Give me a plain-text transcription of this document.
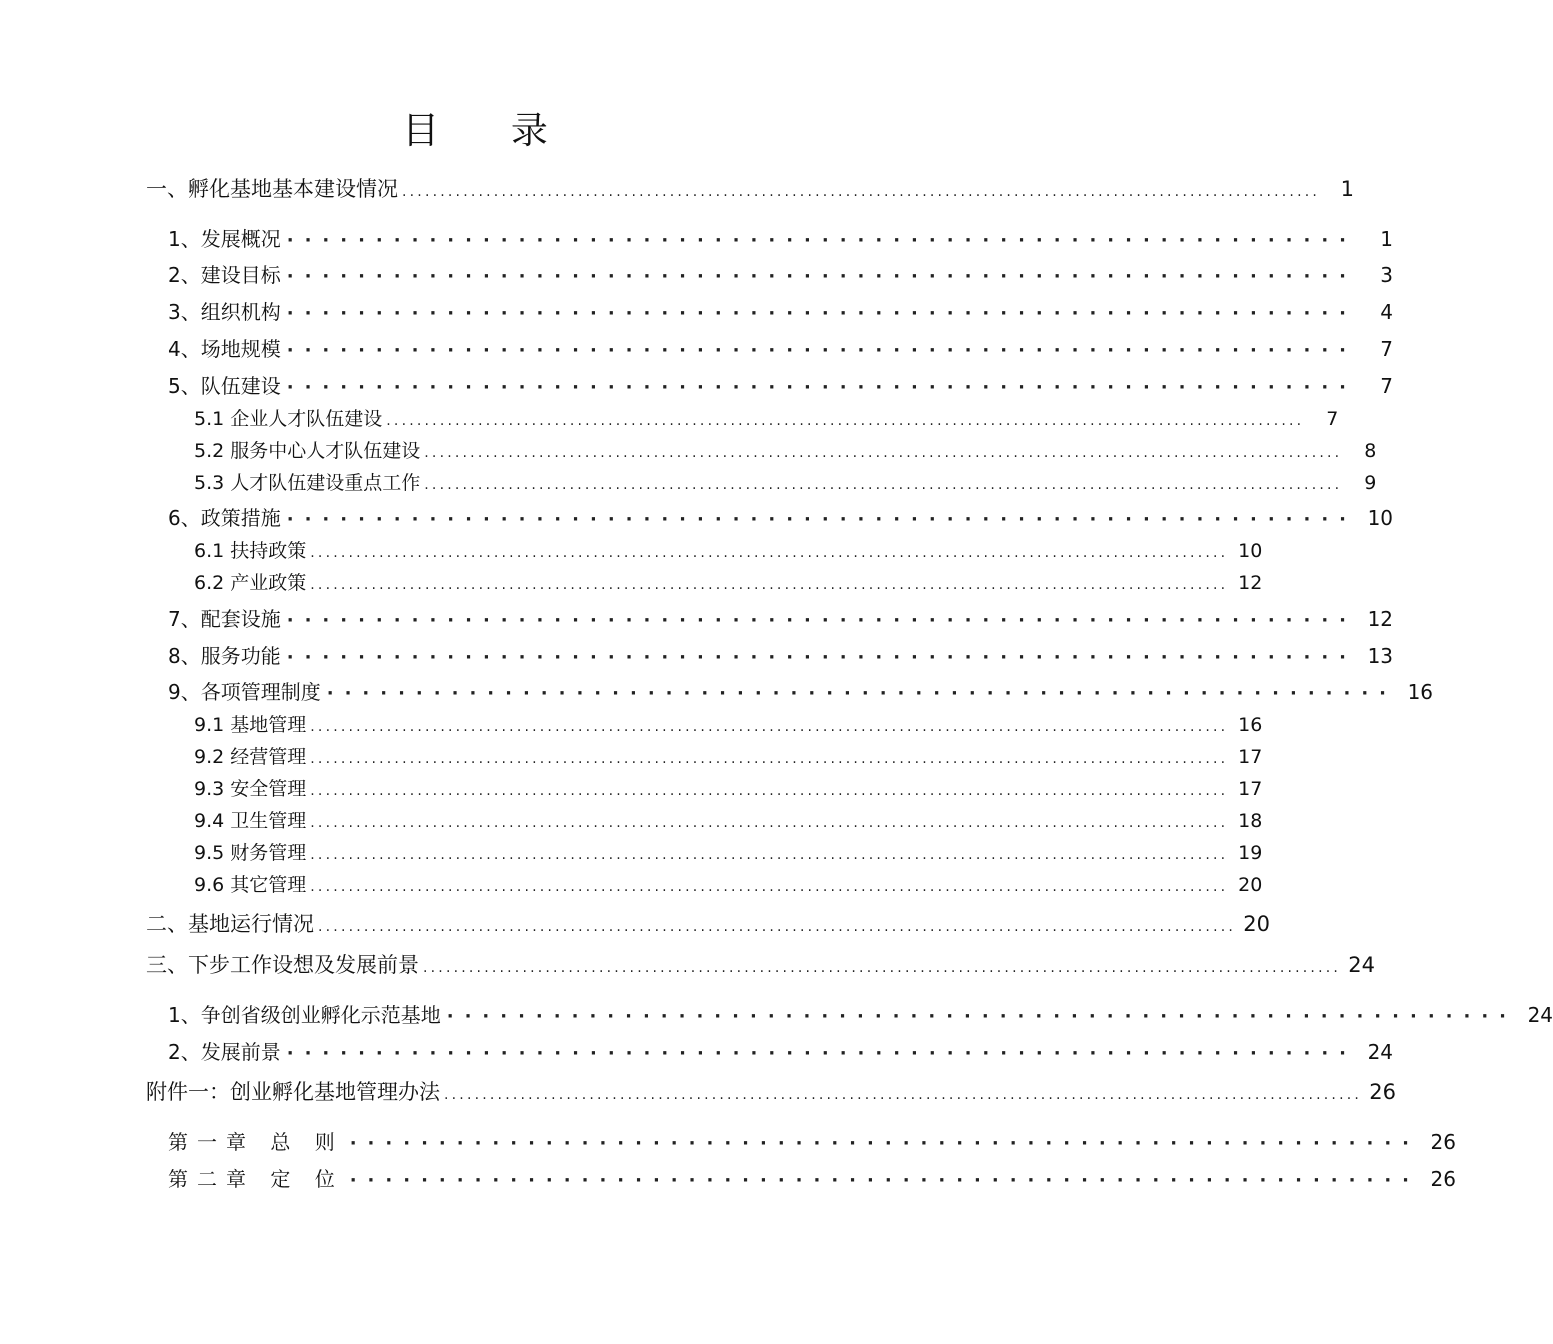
目 录
一、孵化基地基本建设情况 ........................................................................................................................ 1
1、发展概况 ····························································	1
2、建设目标 ····························································	3
3、组织机构 ····························································	4
4、场地规模 ····························································	7
5、队伍建设 ····························································	7
5.1 企业人才队伍建设 ........................................................................................................................	7
5.2 服务中心人才队伍建设 ........................................................................................................................	8
5.3 人才队伍建设重点工作 ........................................................................................................................	9
6、政策措施 ···························································· 10
6.1 扶持政策 ........................................................................................................................ 10
6.2 产业政策 ........................................................................................................................ 12
7、配套设施 ···························································· 12
8、服务功能 ···························································· 13
9、各项管理制度 ···························································· 16
9.1 基地管理 ........................................................................................................................ 16
9.2 经营管理 ........................................................................................................................ 17
9.3 安全管理 ........................................................................................................................ 17
9.4 卫生管理 ........................................................................................................................ 18
9.5 财务管理 ........................................................................................................................ 19
9.6 其它管理 ........................................................................................................................ 20
二、基地运行情况 ........................................................................................................................ 20
三、下步工作设想及发展前景 ........................................................................................................................ 24
1、争创省级创业孵化示范基地 ···························································· 24
2、发展前景 ···························································· 24
附件一：创业孵化基地管理办法 ........................................................................................................................ 26
第一章 总 则 ···························································· 26
第二章 定 位 ···························································· 26
